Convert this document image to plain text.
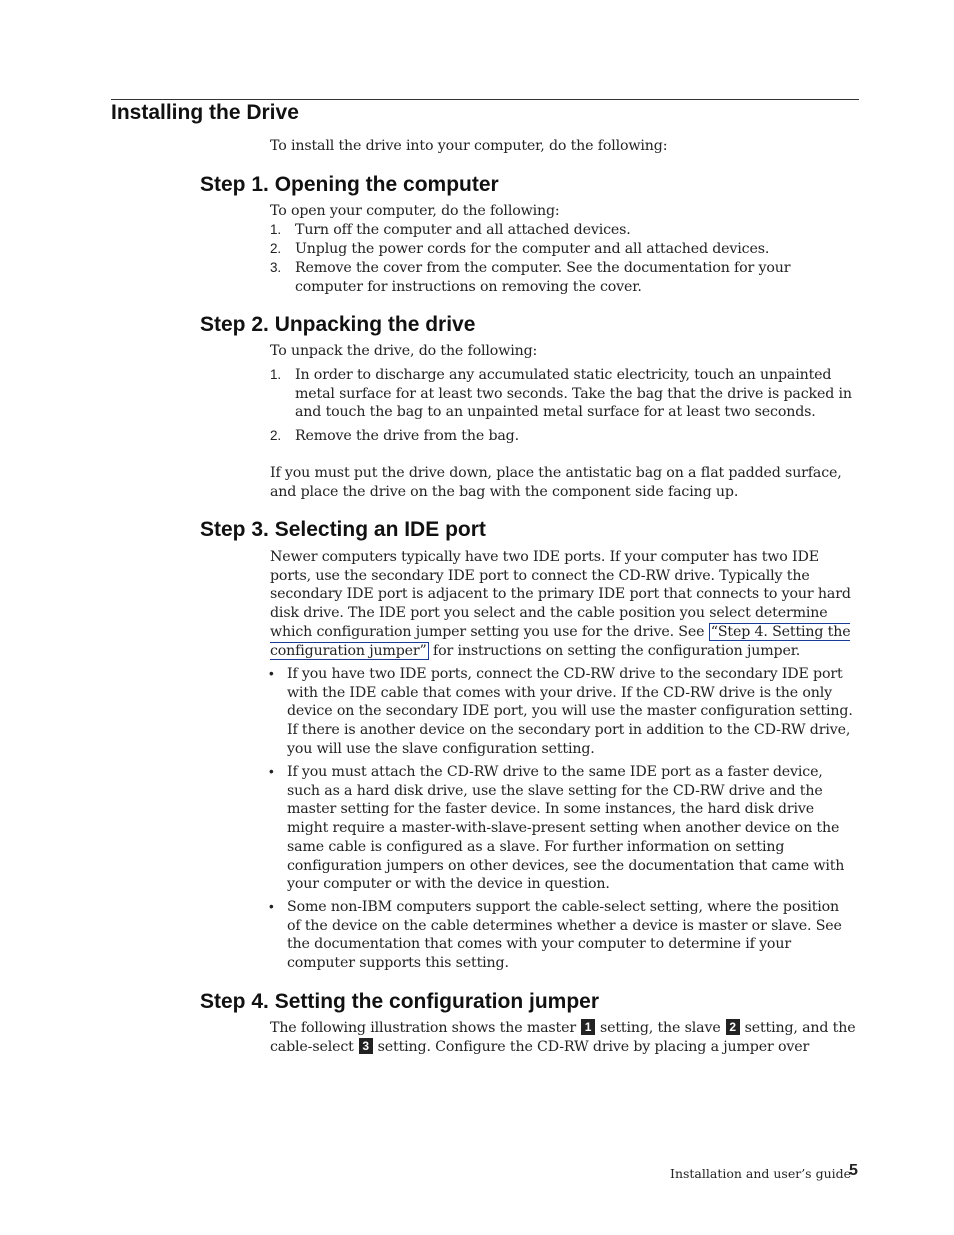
Installing the Drive
To install the drive into your computer, do the following:
Step 1. Opening the computer
To open your computer, do the following:
1. Turn off the computer and all attached devices.
2. Unplug the power cords for the computer and all attached devices.
3. Remove the cover from the computer. See the documentation for your computer for instructions on removing the cover.
Step 2. Unpacking the drive
To unpack the drive, do the following:
1. In order to discharge any accumulated static electricity, touch an unpainted metal surface for at least two seconds. Take the bag that the drive is packed in and touch the bag to an unpainted metal surface for at least two seconds.
2. Remove the drive from the bag.
If you must put the drive down, place the antistatic bag on a flat padded surface, and place the drive on the bag with the component side facing up.
Step 3. Selecting an IDE port
Newer computers typically have two IDE ports. If your computer has two IDE ports, use the secondary IDE port to connect the CD-RW drive. Typically the secondary IDE port is adjacent to the primary IDE port that connects to your hard disk drive. The IDE port you select and the cable position you select determine which configuration jumper setting you use for the drive. See “Step 4. Setting the configuration jumper” for instructions on setting the configuration jumper.
• If you have two IDE ports, connect the CD-RW drive to the secondary IDE port with the IDE cable that comes with your drive. If the CD-RW drive is the only device on the secondary IDE port, you will use the master configuration setting. If there is another device on the secondary port in addition to the CD-RW drive, you will use the slave configuration setting.
• If you must attach the CD-RW drive to the same IDE port as a faster device, such as a hard disk drive, use the slave setting for the CD-RW drive and the master setting for the faster device. In some instances, the hard disk drive might require a master-with-slave-present setting when another device on the same cable is configured as a slave. For further information on setting configuration jumpers on other devices, see the documentation that came with your computer or with the device in question.
• Some non-IBM computers support the cable-select setting, where the position of the device on the cable determines whether a device is master or slave. See the documentation that comes with your computer to determine if your computer supports this setting.
Step 4. Setting the configuration jumper
The following illustration shows the master 1 setting, the slave 2 setting, and the cable-select 3 setting. Configure the CD-RW drive by placing a jumper over
Installation and user’s guide
5
